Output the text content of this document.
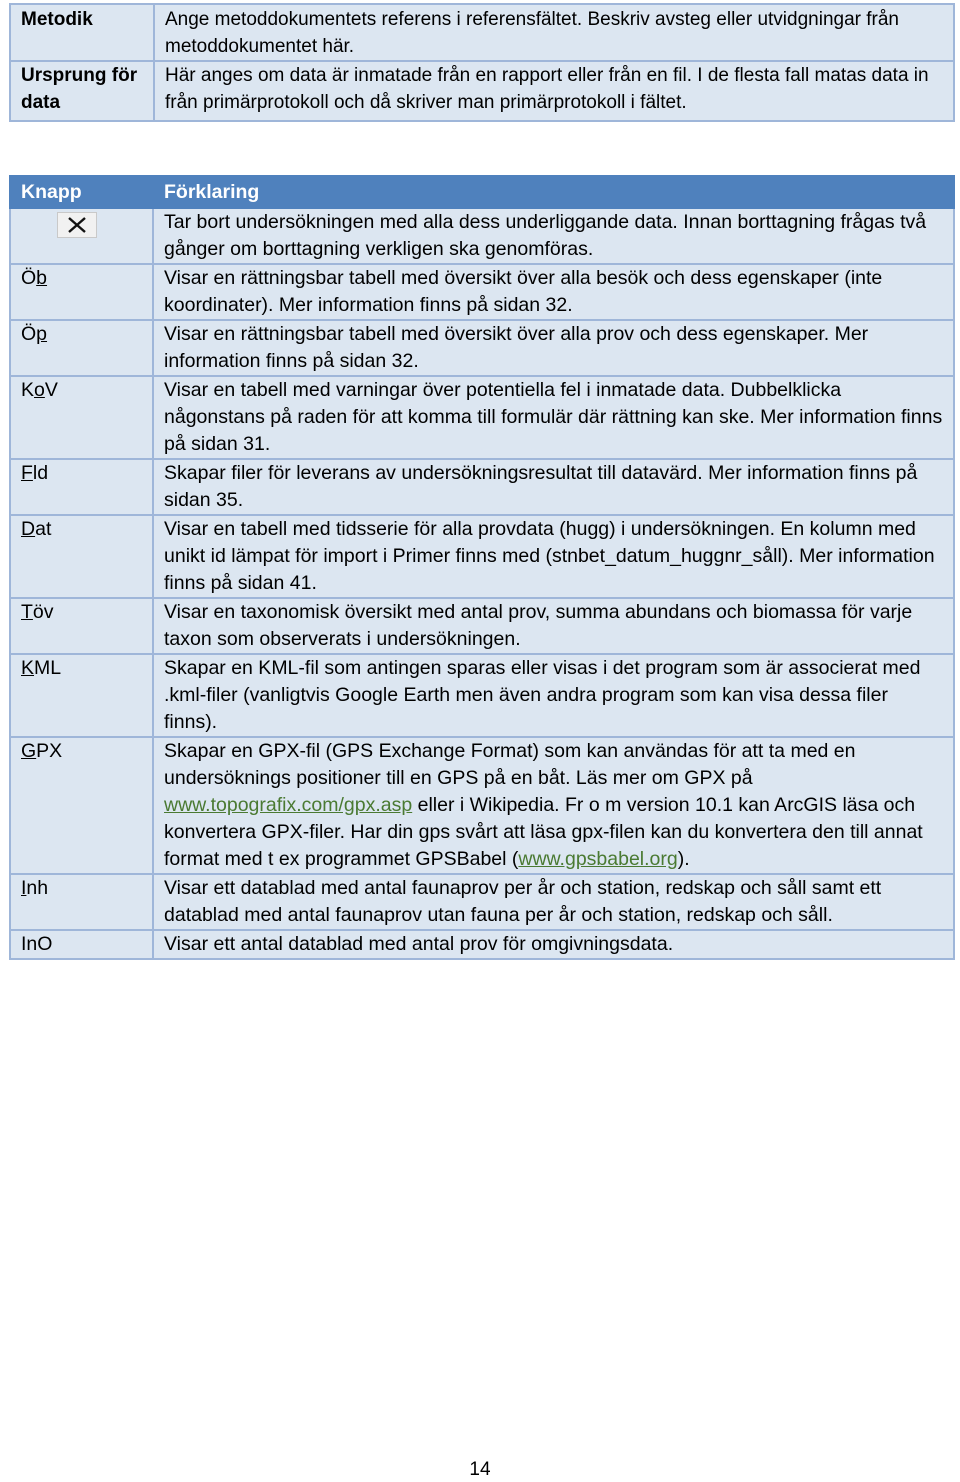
Metodik	Ange metoddokumentets referens i referensfältet. Beskriv avsteg eller utvidgningar från metoddokumentet här.
Ursprung för data	Här anges om data är inmatade från en rapport eller från en fil. I de flesta fall matas data in från primärprotokoll och då skriver man primärprotokoll i fältet.
Knapp	Förklaring

	Tar bort undersökningen med alla dess underliggande data. Innan borttagning frågas två gånger om borttagning verkligen ska genomföras.
Öb	Visar en rättningsbar tabell med översikt över alla besök och dess egenskaper (inte koordinater). Mer information finns på sidan 32.
Öp	Visar en rättningsbar tabell med översikt över alla prov och dess egenskaper. Mer information finns på sidan 32.
KoV	Visar en tabell med varningar över potentiella fel i inmatade data. Dubbelklicka någonstans på raden för att komma till formulär där rättning kan ske. Mer information finns på sidan 31.
Fld	Skapar filer för leverans av undersökningsresultat till datavärd. Mer information finns på sidan 35.
Dat	Visar en tabell med tidsserie för alla provdata (hugg) i undersökningen. En kolumn med unikt id lämpat för import i Primer finns med (stnbet_datum_huggnr_såll). Mer information finns på sidan 41.
Töv	Visar en taxonomisk översikt med antal prov, summa abundans och biomassa för varje taxon som observerats i undersökningen.
KML	Skapar en KML-fil som antingen sparas eller visas i det program som är associerat med .kml-filer (vanligtvis Google Earth men även andra program som kan visa dessa filer finns).
GPX	Skapar en GPX-fil (GPS Exchange Format) som kan användas för att ta med en undersöknings positioner till en GPS på en båt. Läs mer om GPX på www.topografix.com/gpx.asp eller i Wikipedia. Fr o m version 10.1 kan ArcGIS läsa och konvertera GPX-filer. Har din gps svårt att läsa gpx-filen kan du konvertera den till annat format med t ex programmet GPSBabel (www.gpsbabel.org).
Inh	Visar ett datablad med antal faunaprov per år och station, redskap och såll samt ett datablad med antal faunaprov utan fauna per år och station, redskap och såll.
InO	Visar ett antal datablad med antal prov för omgivningsdata.
14
